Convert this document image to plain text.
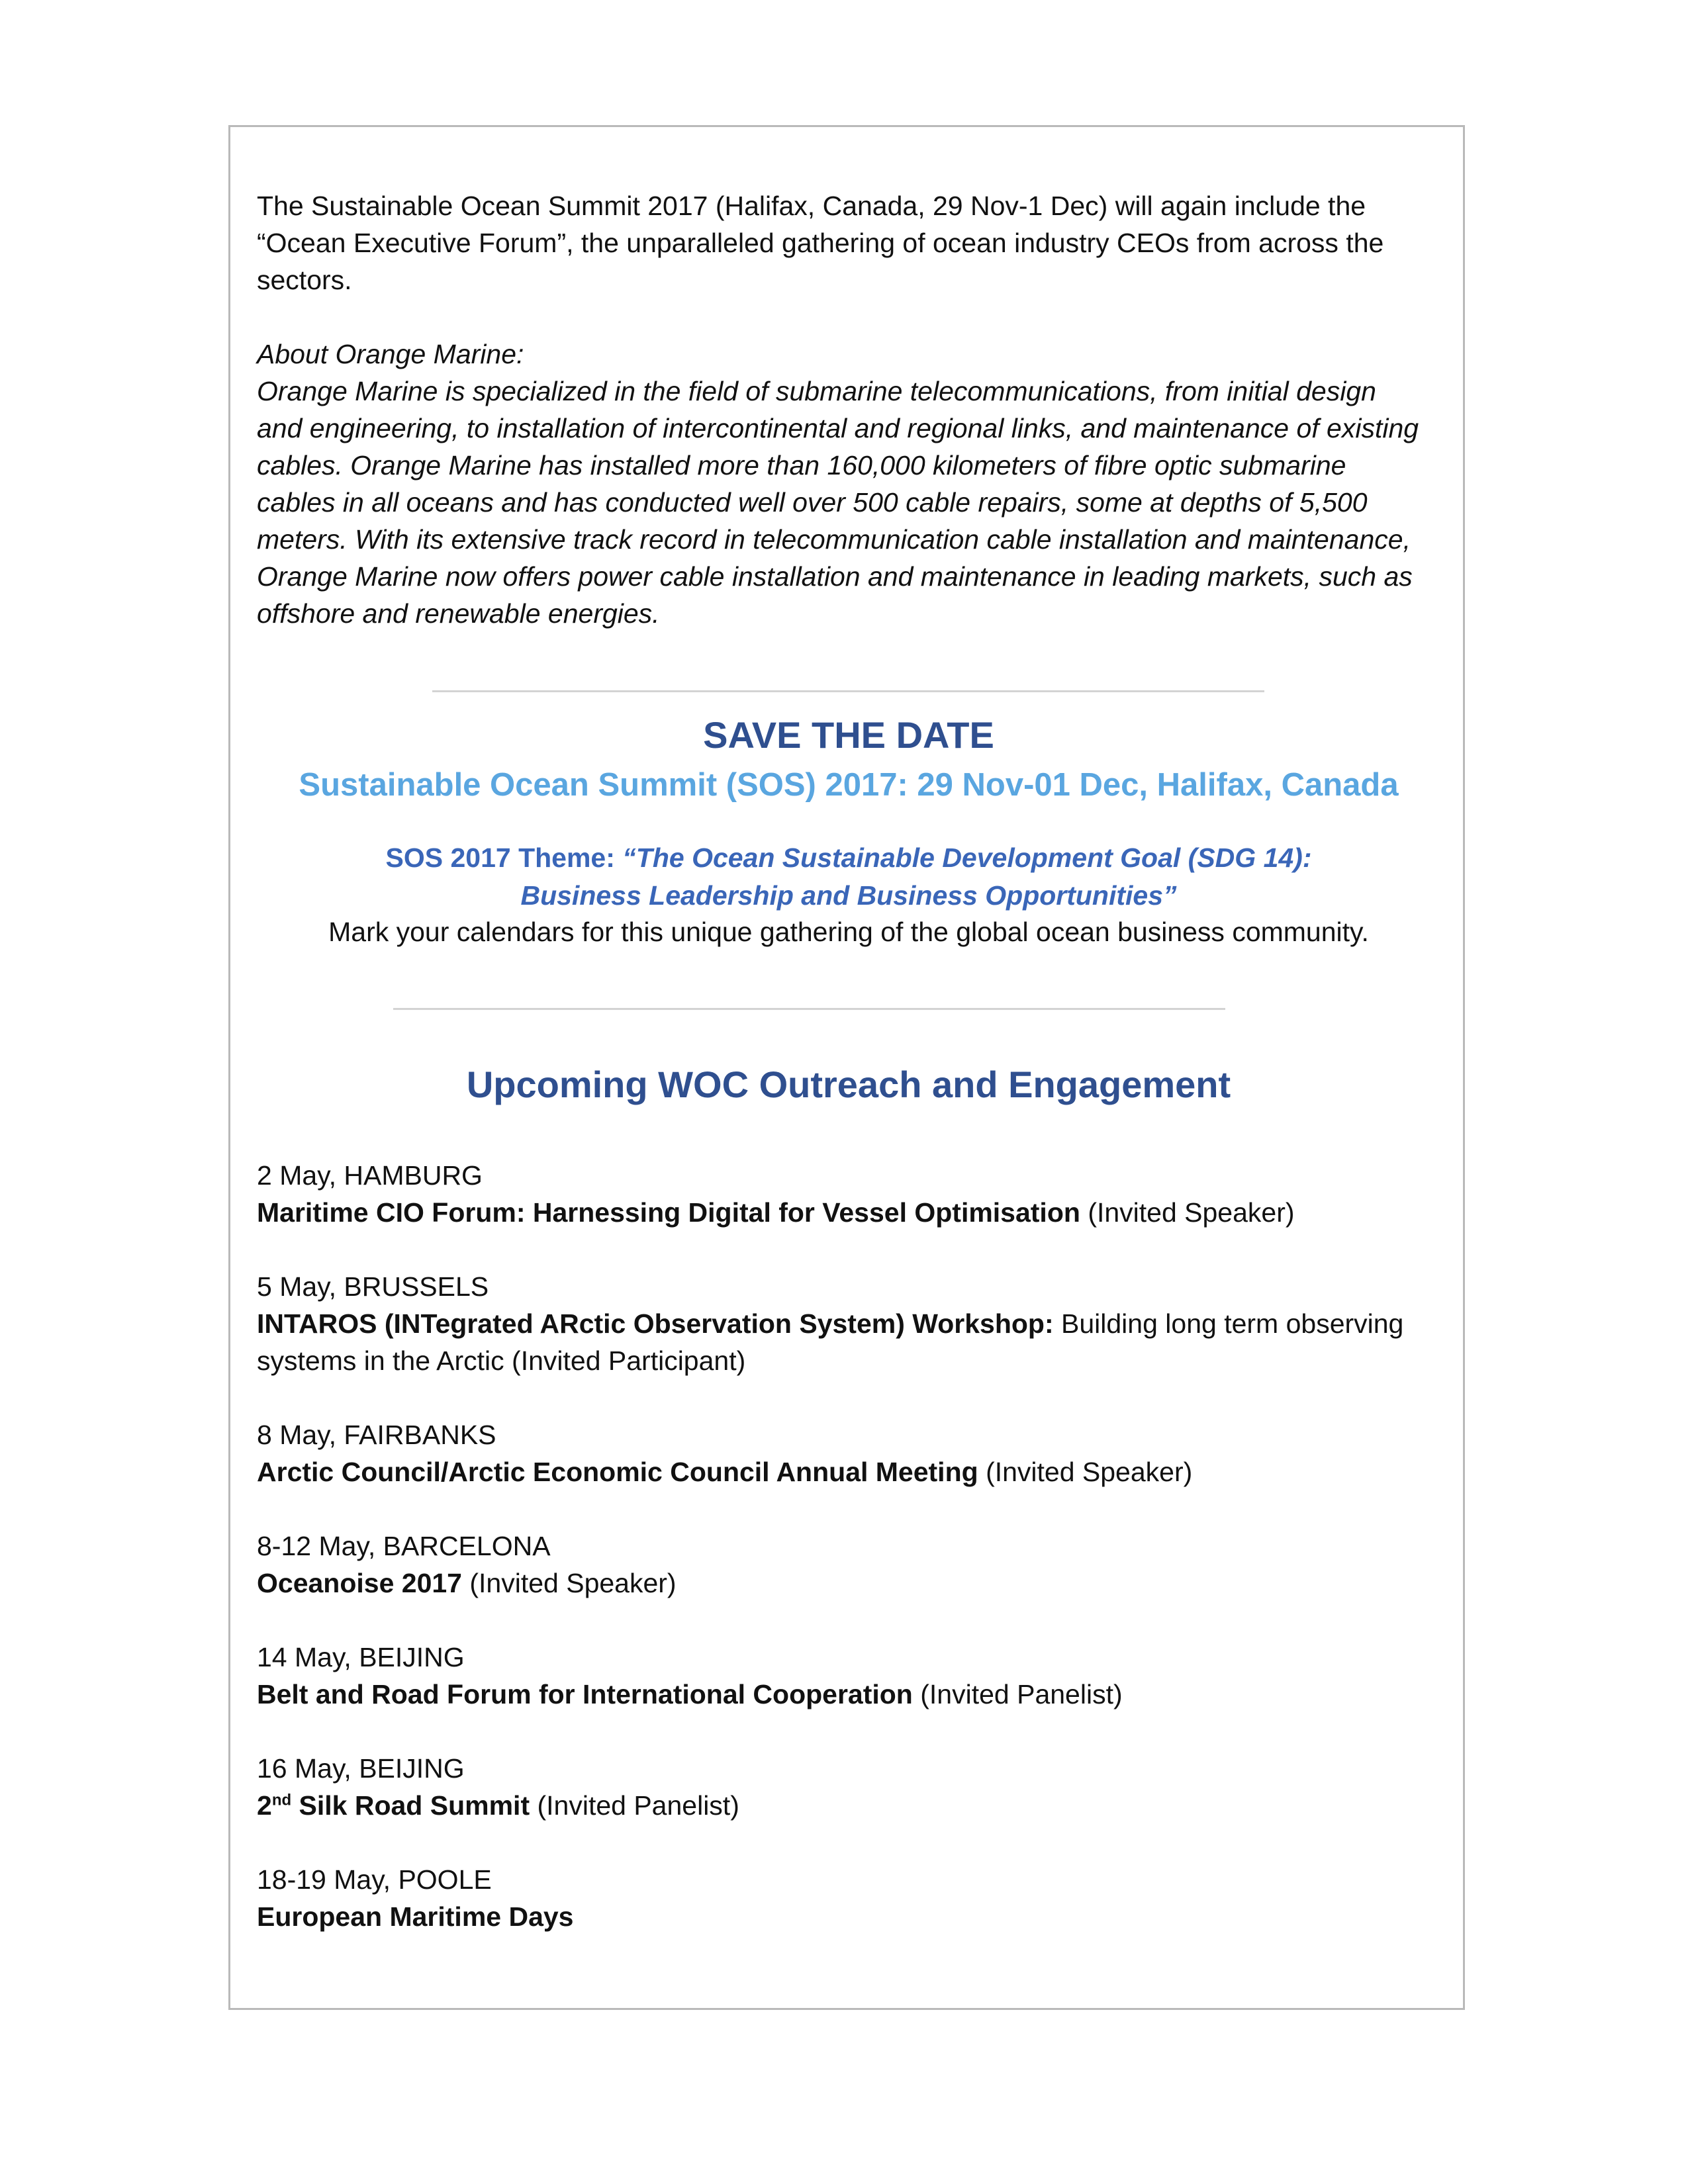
The Sustainable Ocean Summit 2017 (Halifax, Canada, 29 Nov-1 Dec) will again include the “Ocean Executive Forum”, the unparalleled gathering of ocean industry CEOs from across the sectors.

About Orange Marine:

Orange Marine is specialized in the field of submarine telecommunications, from initial design and engineering, to installation of intercontinental and regional links, and maintenance of existing cables. Orange Marine has installed more than 160,000 kilometers of fibre optic submarine cables in all oceans and has conducted well over 500 cable repairs, some at depths of 5,500 meters. With its extensive track record in telecommunication cable installation and maintenance, Orange Marine now offers power cable installation and maintenance in leading markets, such as offshore and renewable energies.

SAVE THE DATE
Sustainable Ocean Summit (SOS) 2017: 29 Nov-01 Dec, Halifax, Canada
SOS 2017 Theme: “The Ocean Sustainable Development Goal (SDG 14):
Business Leadership and Business Opportunities”
Mark your calendars for this unique gathering of the global ocean business community.
Upcoming WOC Outreach and Engagement

2 May, HAMBURG

Maritime CIO Forum: Harnessing Digital for Vessel Optimisation (Invited Speaker)

5 May, BRUSSELS

INTAROS (INTegrated ARctic Observation System) Workshop: Building long term observing systems in the Arctic (Invited Participant)

8 May, FAIRBANKS

Arctic Council/Arctic Economic Council Annual Meeting (Invited Speaker)

8-12 May, BARCELONA

Oceanoise 2017 (Invited Speaker)

14 May, BEIJING

Belt and Road Forum for International Cooperation (Invited Panelist)

16 May, BEIJING

2nd Silk Road Summit (Invited Panelist)

18-19 May, POOLE

European Maritime Days
